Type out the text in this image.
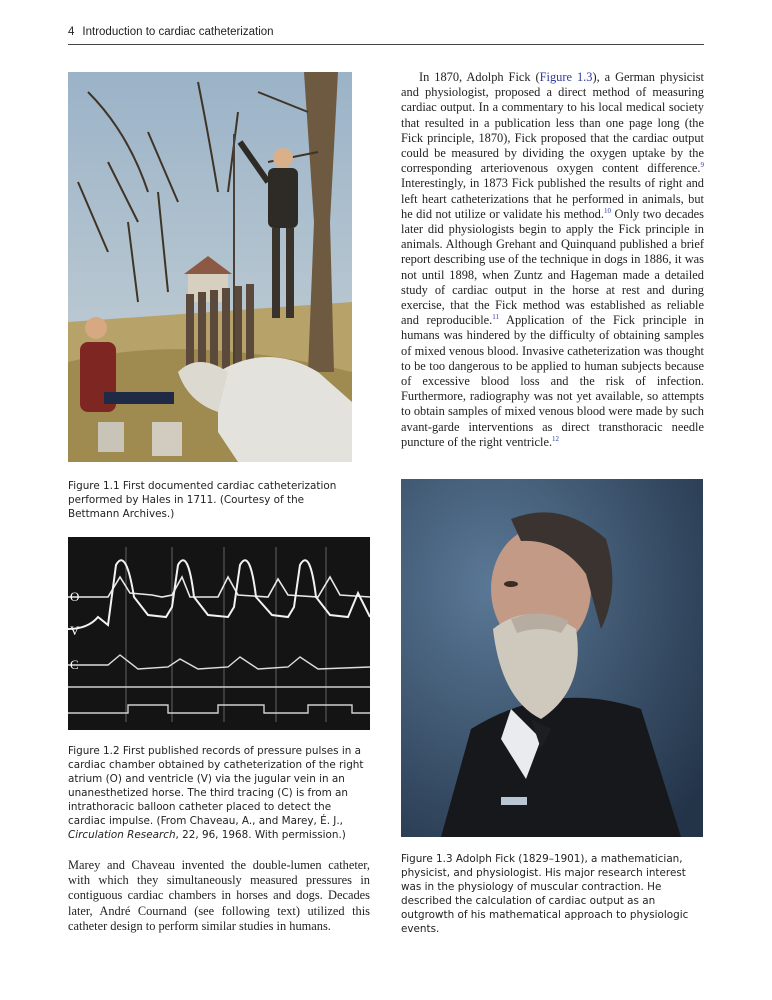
4 Introduction to cardiac catheterization
Figure 1.1 First documented cardiac catheterization performed by Hales in 1711. (Courtesy of the Bettmann Archives.)
O
V
C
Figure 1.2 First published records of pressure pulses in a cardiac chamber obtained by catheterization of the right atrium (O) and ventricle (V) via the jugular vein in an unanesthetized horse. The third tracing (C) is from an intrathoracic balloon catheter placed to detect the cardiac impulse. (From Chaveau, A., and Marey, É. J., Circulation Research, 22, 96, 1968. With permission.)

Marey and Chaveau invented the double-lumen catheter, with which they simultaneously measured pressures in contiguous cardiac chambers in horses and dogs. Decades later, André Cournand (see following text) utilized this catheter design to perform similar studies in humans.

In 1870, Adolph Fick (Figure 1.3), a German physicist and physiologist, proposed a direct method of measuring cardiac output. In a commentary to his local medical society that resulted in a publication less than one page long (the Fick principle, 1870), Fick proposed that the cardiac output could be measured by dividing the oxygen uptake by the corresponding arteriovenous oxygen content difference.$^9$ Interestingly, in 1873 Fick published the results of right and left heart catheterizations that he performed in animals, but he did not utilize or validate his method.$^{10}$ Only two decades later did physiologists begin to apply the Fick principle in animals. Although Grehant and Quinquand published a brief report describing use of the technique in dogs in 1886, it was not until 1898, when Zuntz and Hageman made a detailed study of cardiac output in the horse at rest and during exercise, that the Fick method was established as reliable and reproducible.$^{11}$ Application of the Fick principle in humans was hindered by the difficulty of obtaining samples of mixed venous blood. Invasive catheterization was thought to be too dangerous to be applied to human subjects because of excessive blood loss and the risk of infection. Furthermore, radiography was not yet available, so attempts to obtain samples of mixed venous blood were made by such avant-garde interventions as direct transthoracic needle puncture of the right ventricle.$^{12}$

Figure 1.3 Adolph Fick (1829–1901), a mathematician, physicist, and physiologist. His major research interest was in the physiology of muscular contraction. He described the calculation of cardiac output as an outgrowth of his mathematical approach to physiologic events.
